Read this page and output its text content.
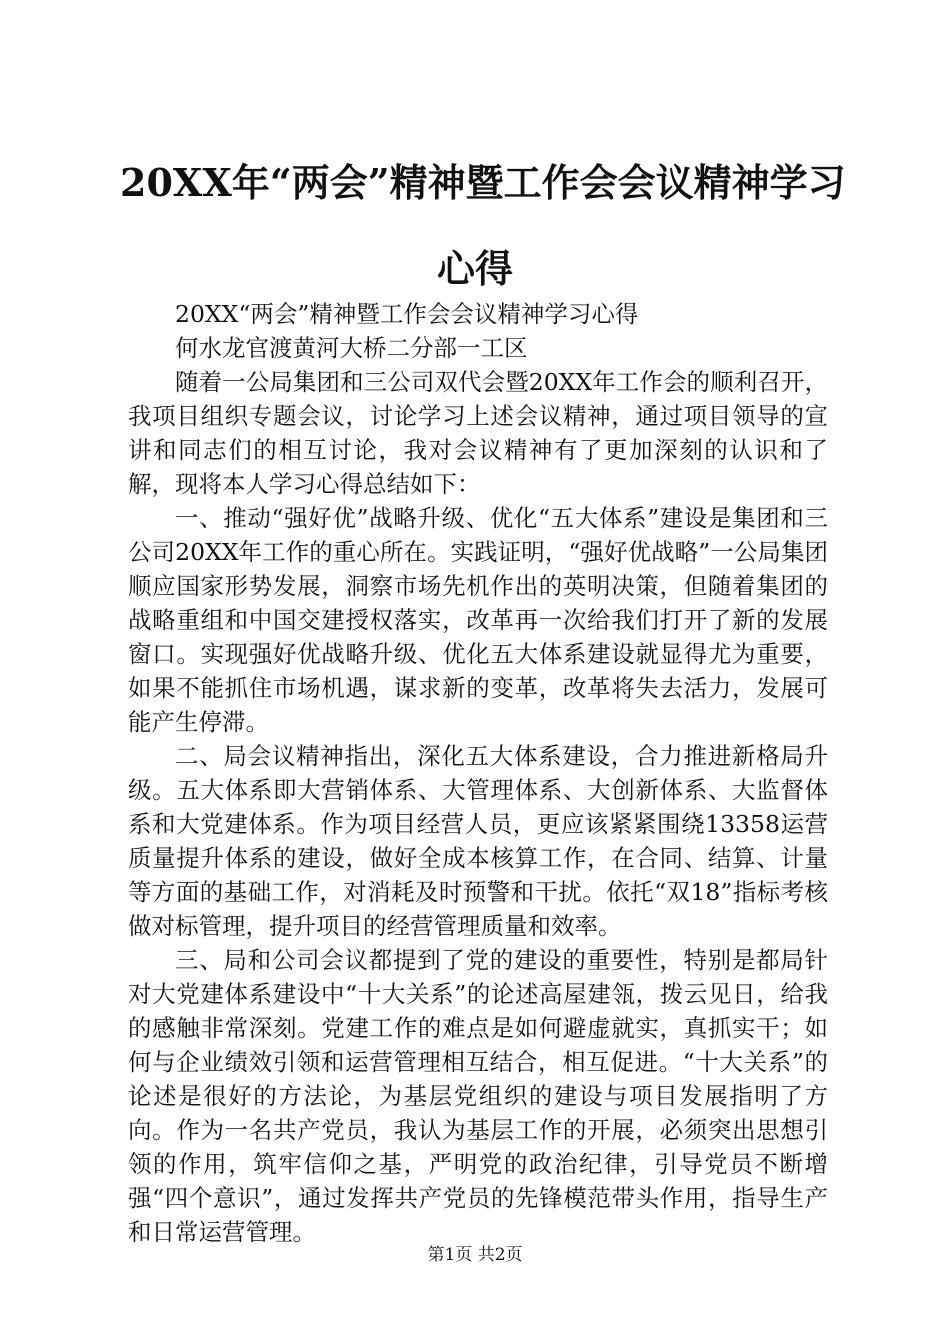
20XX年“两会”精神暨工作会会议精神学习
心得

20XX“两会”精神暨工作会会议精神学习心得

何水龙官渡黄河大桥二分部一工区

随着一公局集团和三公司双代会暨20XX年工作会的顺利召开，我项目组织专题会议，讨论学习上述会议精神，通过项目领导的宣讲和同志们的相互讨论，我对会议精神有了更加深刻的认识和了解，现将本人学习心得总结如下：

一、推动“强好优”战略升级、优化“五大体系”建设是集团和三公司20XX年工作的重心所在。实践证明，“强好优战略”一公局集团顺应国家形势发展，洞察市场先机作出的英明决策，但随着集团的战略重组和中国交建授权落实，改革再一次给我们打开了新的发展窗口。实现强好优战略升级、优化五大体系建设就显得尤为重要，如果不能抓住市场机遇，谋求新的变革，改革将失去活力，发展可能产生停滞。

二、局会议精神指出，深化五大体系建设，合力推进新格局升级。五大体系即大营销体系、大管理体系、大创新体系、大监督体系和大党建体系。作为项目经营人员，更应该紧紧围绕13358运营质量提升体系的建设，做好全成本核算工作，在合同、结算、计量等方面的基础工作，对消耗及时预警和干扰。依托“双18”指标考核做对标管理，提升项目的经营管理质量和效率。

三、局和公司会议都提到了党的建设的重要性，特别是都局针对大党建体系建设中“十大关系”的论述高屋建瓴，拨云见日，给我的感触非常深刻。党建工作的难点是如何避虚就实，真抓实干；如何与企业绩效引领和运营管理相互结合，相互促进。“十大关系”的论述是很好的方法论，为基层党组织的建设与项目发展指明了方向。作为一名共产党员，我认为基层工作的开展，必须突出思想引领的作用，筑牢信仰之基，严明党的政治纪律，引导党员不断增强“四个意识”，通过发挥共产党员的先锋模范带头作用，指导生产和日常运营管理。

第1页 共2页
